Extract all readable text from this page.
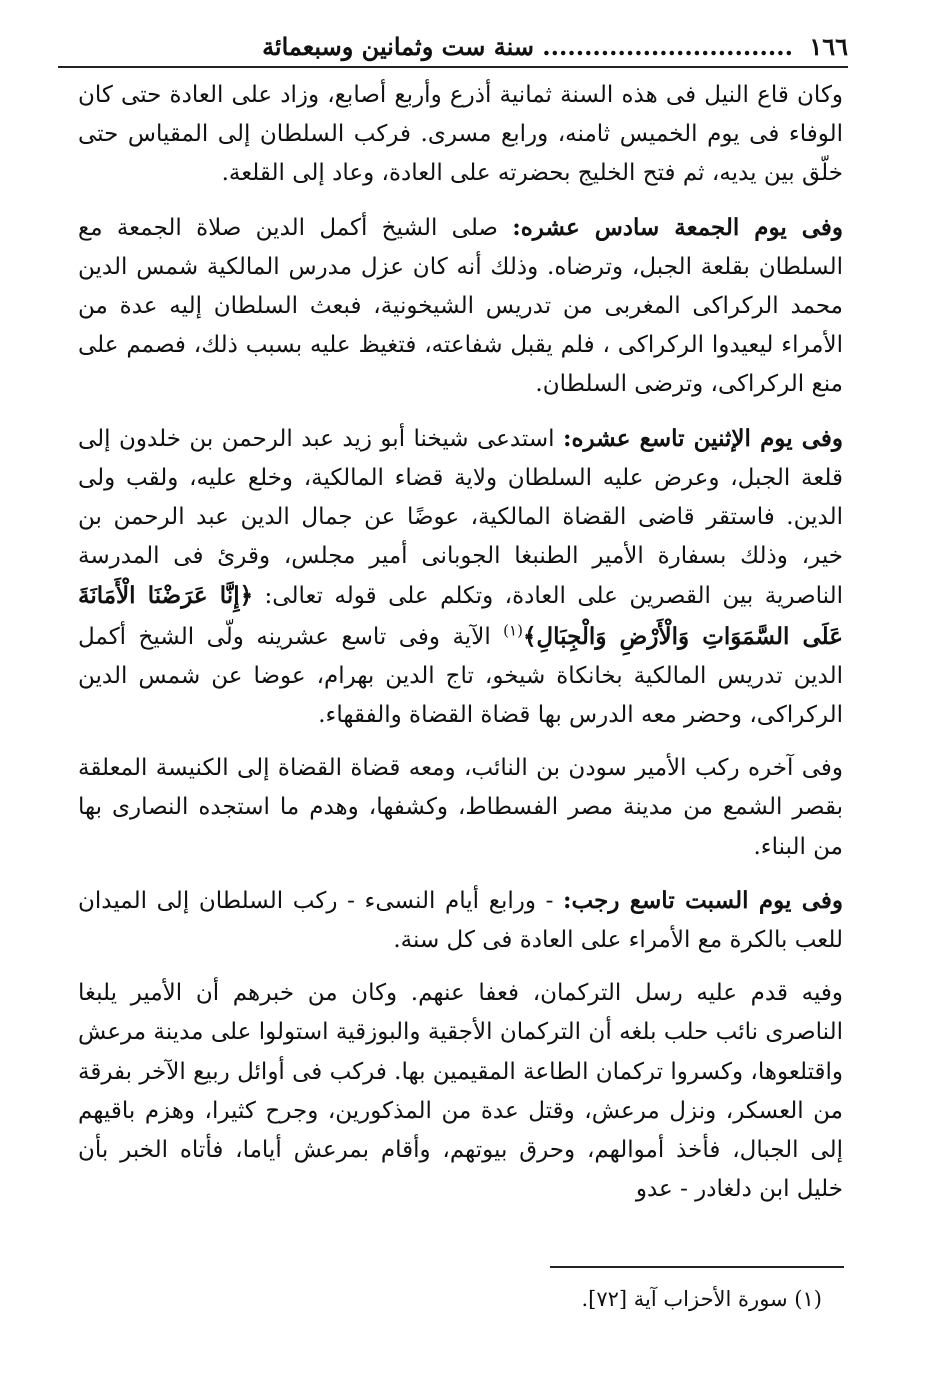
١٦٦ .............................. سنة ست وثمانين وسبعمائة

وكان قاع النيل فى هذه السنة ثمانية أذرع وأربع أصابع، وزاد على العادة حتى كان الوفاء فى يوم الخميس ثامنه، ورابع مسرى. فركب السلطان إلى المقياس حتى خلّق بين يديه، ثم فتح الخليج بحضرته على العادة، وعاد إلى القلعة.

وفى يوم الجمعة سادس عشره: صلى الشيخ أكمل الدين صلاة الجمعة مع السلطان بقلعة الجبل، وترضاه. وذلك أنه كان عزل مدرس المالكية شمس الدين محمد الركراكى المغربى من تدريس الشيخونية، فبعث السلطان إليه عدة من الأمراء ليعيدوا الركراكى ، فلم يقبل شفاعته، فتغيظ عليه بسبب ذلك، فصمم على منع الركراكى، وترضى السلطان.

وفى يوم الإثنين تاسع عشره: استدعى شيخنا أبو زيد عبد الرحمن بن خلدون إلى قلعة الجبل، وعرض عليه السلطان ولاية قضاء المالكية، وخلع عليه، ولقب ولى الدين. فاستقر قاضى القضاة المالكية، عوضًا عن جمال الدين عبد الرحمن بن خير، وذلك بسفارة الأمير الطنبغا الجوبانى أمير مجلس، وقرئ فى المدرسة الناصرية بين القصرين على العادة، وتكلم على قوله تعالى: ﴿إِنَّا عَرَضْنَا الْأَمَانَةَ عَلَى السَّمَوَاتِ وَالْأَرْضِ وَالْجِبَالِ﴾$^{(١)}$ الآية وفى تاسع عشرينه ولّى الشيخ أكمل الدين تدريس المالكية بخانكاة شيخو، تاج الدين بهرام، عوضا عن شمس الدين الركراكى، وحضر معه الدرس بها قضاة القضاة والفقهاء.

وفى آخره ركب الأمير سودن بن النائب، ومعه قضاة القضاة إلى الكنيسة المعلقة بقصر الشمع من مدينة مصر الفسطاط، وكشفها، وهدم ما استجده النصارى بها من البناء.

وفى يوم السبت تاسع رجب: - ورابع أيام النسىء - ركب السلطان إلى الميدان للعب بالكرة مع الأمراء على العادة فى كل سنة.

وفيه قدم عليه رسل التركمان، فعفا عنهم. وكان من خبرهم أن الأمير يلبغا الناصرى نائب حلب بلغه أن التركمان الأجقية والبوزقية استولوا على مدينة مرعش واقتلعوها، وكسروا تركمان الطاعة المقيمين بها. فركب فى أوائل ربيع الآخر بفرقة من العسكر، ونزل مرعش، وقتل عدة من المذكورين، وجرح كثيرا، وهزم باقيهم إلى الجبال، فأخذ أموالهم، وحرق بيوتهم، وأقام بمرعش أياما، فأتاه الخبر بأن خليل ابن دلغادر - عدو

(١) سورة الأحزاب آية [٧٢].
